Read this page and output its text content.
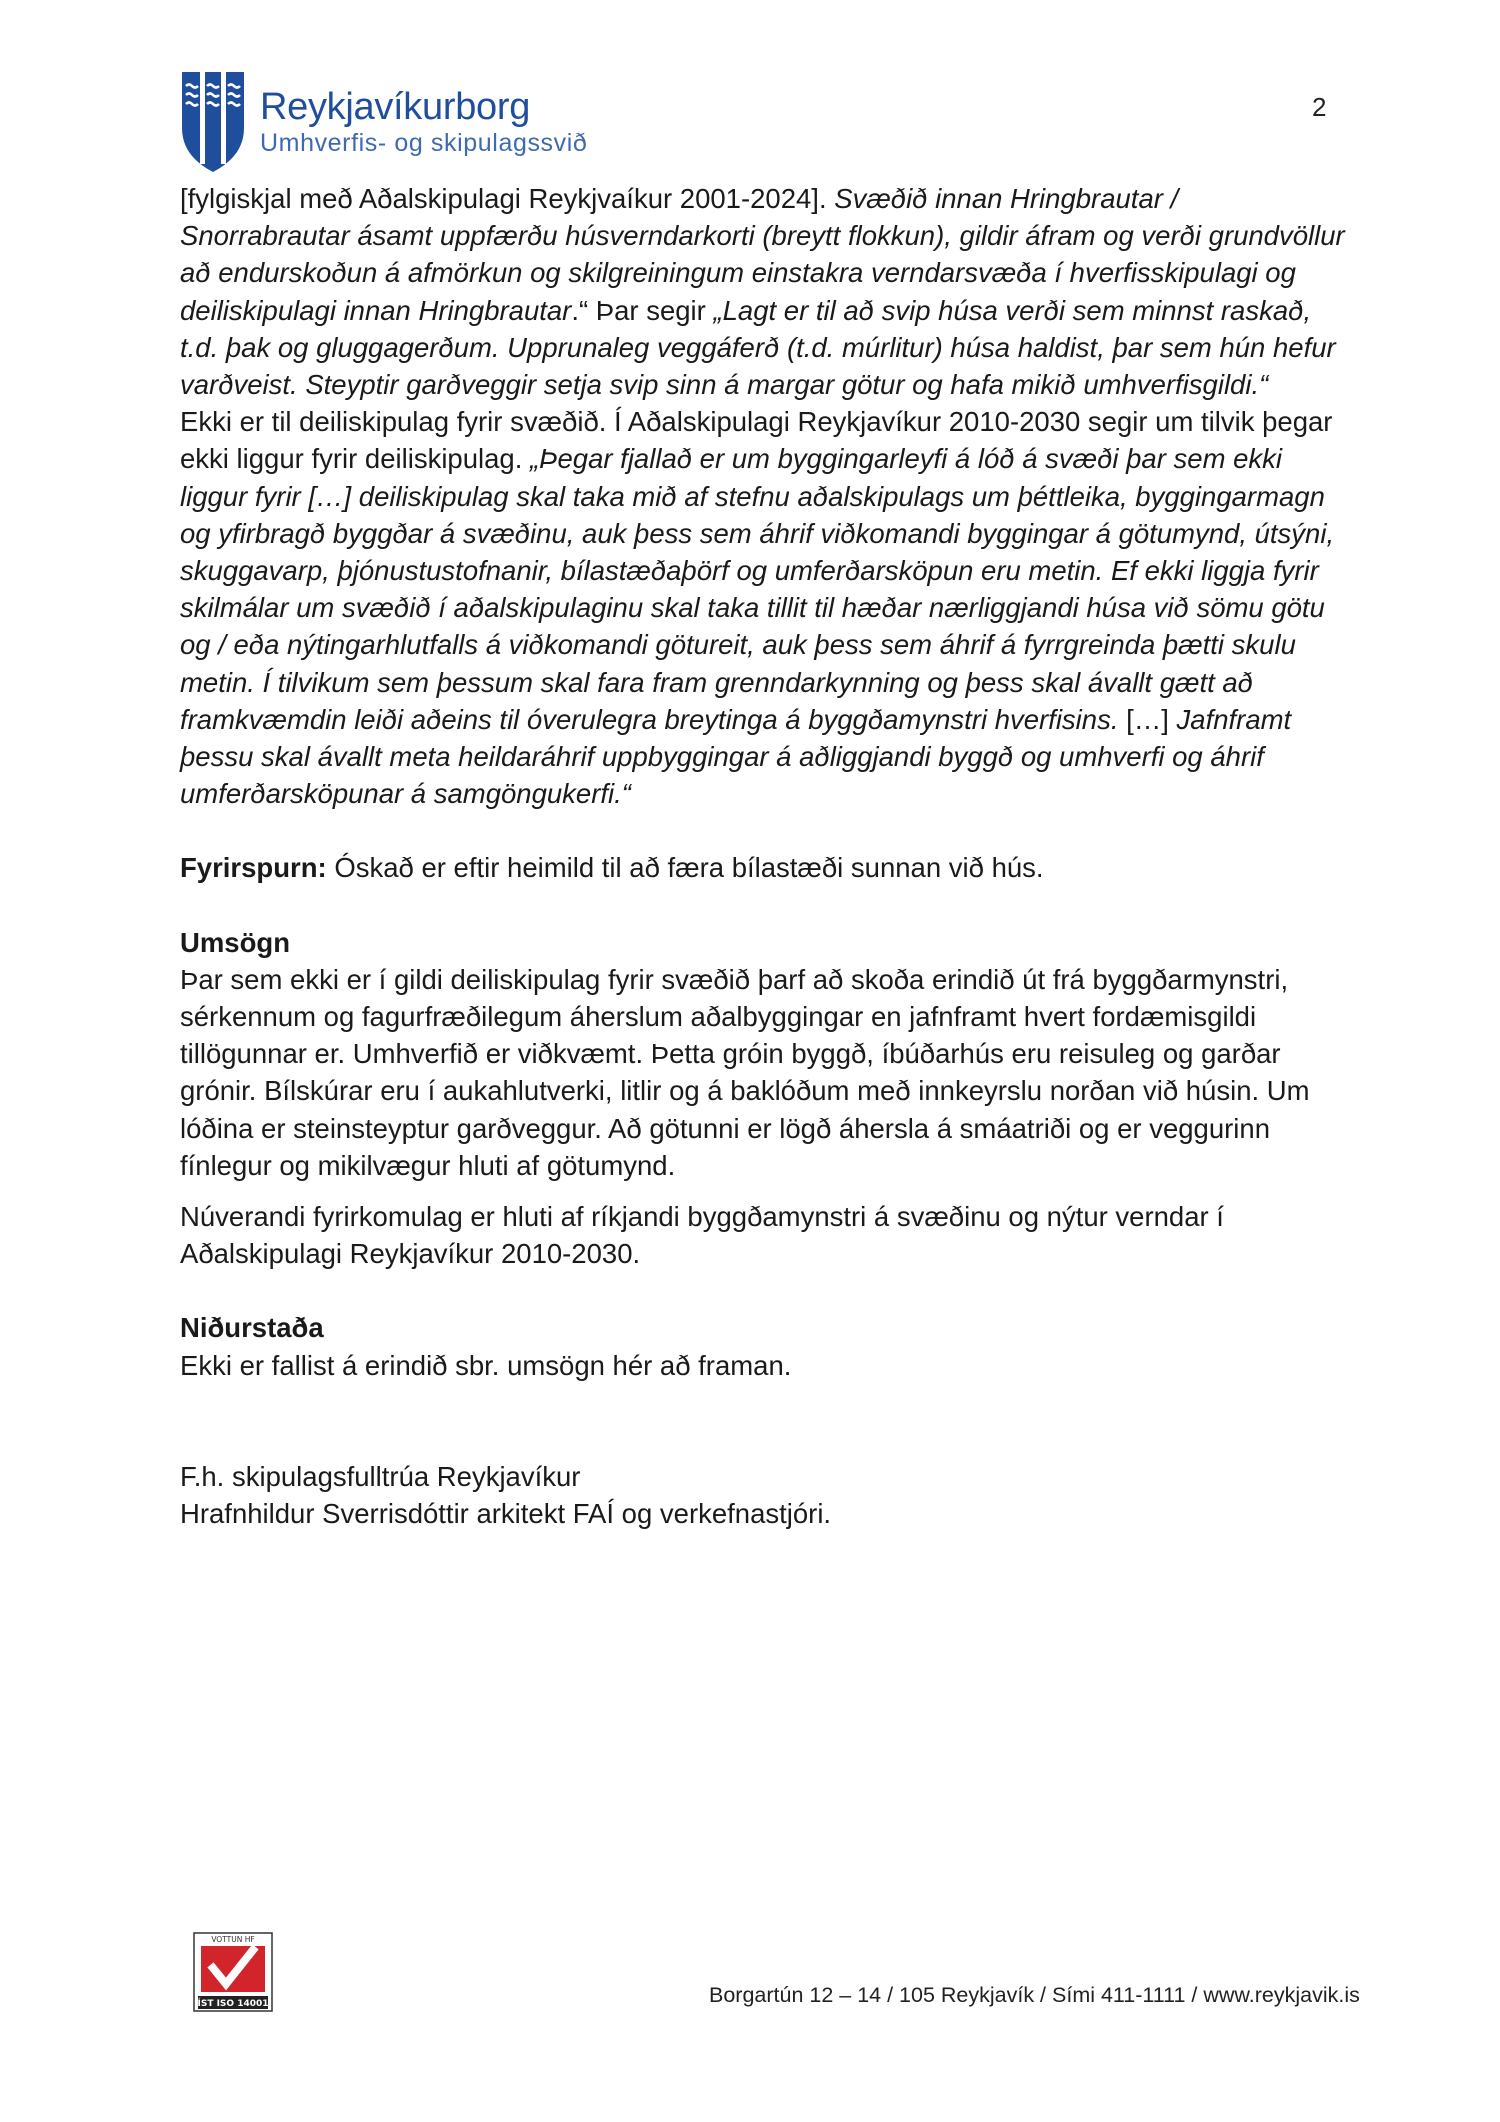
Reykjavíkurborg
Umhverfis- og skipulagssvið
2

[fylgiskjal með Aðalskipulagi Reykjvaíkur 2001-2024]. Svæðið innan Hringbrautar / Snorrabrautar ásamt uppfærðu húsverndarkorti (breytt flokkun), gildir áfram og verði grundvöllur að endurskoðun á afmörkun og skilgreiningum einstakra verndarsvæða í hverfisskipulagi og deiliskipulagi innan Hringbrautar.“ Þar segir „Lagt er til að svip húsa verði sem minnst raskað, t.d. þak og gluggagerðum. Upprunaleg veggáferð (t.d. múrlitur) húsa haldist, þar sem hún hefur varðveist. Steyptir garðveggir setja svip sinn á margar götur og hafa mikið umhverfisgildi.“

Ekki er til deiliskipulag fyrir svæðið. Í Aðalskipulagi Reykjavíkur 2010-2030 segir um tilvik þegar ekki liggur fyrir deiliskipulag. „Þegar fjallað er um byggingarleyfi á lóð á svæði þar sem ekki liggur fyrir […] deiliskipulag skal taka mið af stefnu aðalskipulags um þéttleika, byggingarmagn og yfirbragð byggðar á svæðinu, auk þess sem áhrif viðkomandi byggingar á götumynd, útsýni, skuggavarp, þjónustustofnanir, bílastæðaþörf og umferðarsköpun eru metin. Ef ekki liggja fyrir skilmálar um svæðið í aðalskipulaginu skal taka tillit til hæðar nærliggjandi húsa við sömu götu og / eða nýtingarhlutfalls á viðkomandi götureit, auk þess sem áhrif á fyrrgreinda þætti skulu metin. Í tilvikum sem þessum skal fara fram grenndarkynning og þess skal ávallt gætt að framkvæmdin leiði aðeins til óverulegra breytinga á byggðamynstri hverfisins. […] Jafnframt þessu skal ávallt meta heildaráhrif uppbyggingar á aðliggjandi byggð og umhverfi og áhrif umferðarsköpunar á samgöngukerfi.“

Fyrirspurn: Óskað er eftir heimild til að færa bílastæði sunnan við hús.

Umsögn

Þar sem ekki er í gildi deiliskipulag fyrir svæðið þarf að skoða erindið út frá byggðarmynstri, sérkennum og fagurfræðilegum áherslum aðalbyggingar en jafnframt hvert fordæmisgildi tillögunnar er. Umhverfið er viðkvæmt. Þetta gróin byggð, íbúðarhús eru reisuleg og garðar grónir. Bílskúrar eru í aukahlutverki, litlir og á baklóðum með innkeyrslu norðan við húsin. Um lóðina er steinsteyptur garðveggur. Að götunni er lögð áhersla á smáatriði og er veggurinn fínlegur og mikilvægur hluti af götumynd.

Núverandi fyrirkomulag er hluti af ríkjandi byggðamynstri á svæðinu og nýtur verndar í Aðalskipulagi Reykjavíkur 2010-2030.

Niðurstaða

Ekki er fallist á erindið sbr. umsögn hér að framan.

F.h. skipulagsfulltrúa Reykjavíkur

Hrafnhildur Sverrisdóttir arkitekt FAÍ og verkefnastjóri.

VOTTUN HF
ÍST ISO 14001	Borgartún 12 – 14 / 105 Reykjavík / Sími 411-1111 / www.reykjavik.is
